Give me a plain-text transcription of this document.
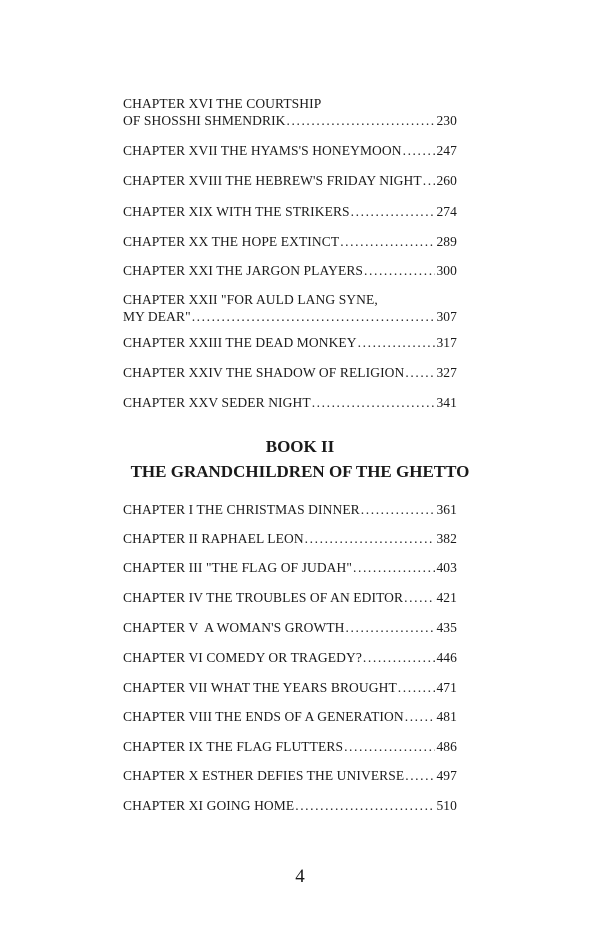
CHAPTER XVI THE COURTSHIP
OF SHOSSHI SHMENDRIK .....	230
CHAPTER XVII THE HYAMS'S HONEYMOON .....	247
CHAPTER XVIII THE HEBREW'S FRIDAY NIGHT ..... 260
CHAPTER XIX WITH THE STRIKERS .....	274
CHAPTER XX THE HOPE EXTINCT .....	289
CHAPTER XXI THE JARGON PLAYERS .....	300
CHAPTER XXII "FOR AULD LANG SYNE,
MY DEAR" .....	307
CHAPTER XXIII THE DEAD MONKEY .....	317
CHAPTER XXIV THE SHADOW OF RELIGION ..... 327
CHAPTER XXV SEDER NIGHT .....	341
BOOK II
THE GRANDCHILDREN OF THE GHETTO
CHAPTER I THE CHRISTMAS DINNER .....	361
CHAPTER II RAPHAEL LEON .....	382
CHAPTER III "THE FLAG OF JUDAH" .....	403
CHAPTER IV THE TROUBLES OF AN EDITOR ..... 421
CHAPTER V  A WOMAN'S GROWTH .....	435
CHAPTER VI COMEDY OR TRAGEDY? .....	446
CHAPTER VII WHAT THE YEARS BROUGHT .....	471
CHAPTER VIII THE ENDS OF A GENERATION ..... 481
CHAPTER IX THE FLAG FLUTTERS .....	486
CHAPTER X ESTHER DEFIES THE UNIVERSE ..... 497
CHAPTER XI GOING HOME .....	510
4
